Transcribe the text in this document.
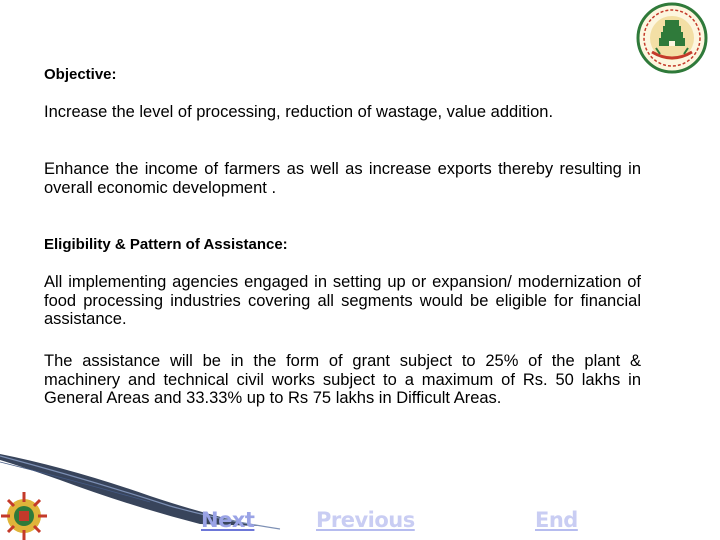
Objective:

Increase the level of processing, reduction of wastage, value addition.

Enhance the income of farmers as well as increase exports thereby resulting in overall economic development .

Eligibility & Pattern of Assistance:

All implementing agencies engaged in setting up or expansion/ modernization of food processing industries covering all segments would be eligible for financial assistance.

The assistance will be in the form of grant subject to 25% of the plant & machinery and technical civil works subject to a maximum of Rs. 50 lakhs in General Areas and 33.33% up to Rs 75 lakhs in Difficult Areas.

Next	Previous	End
